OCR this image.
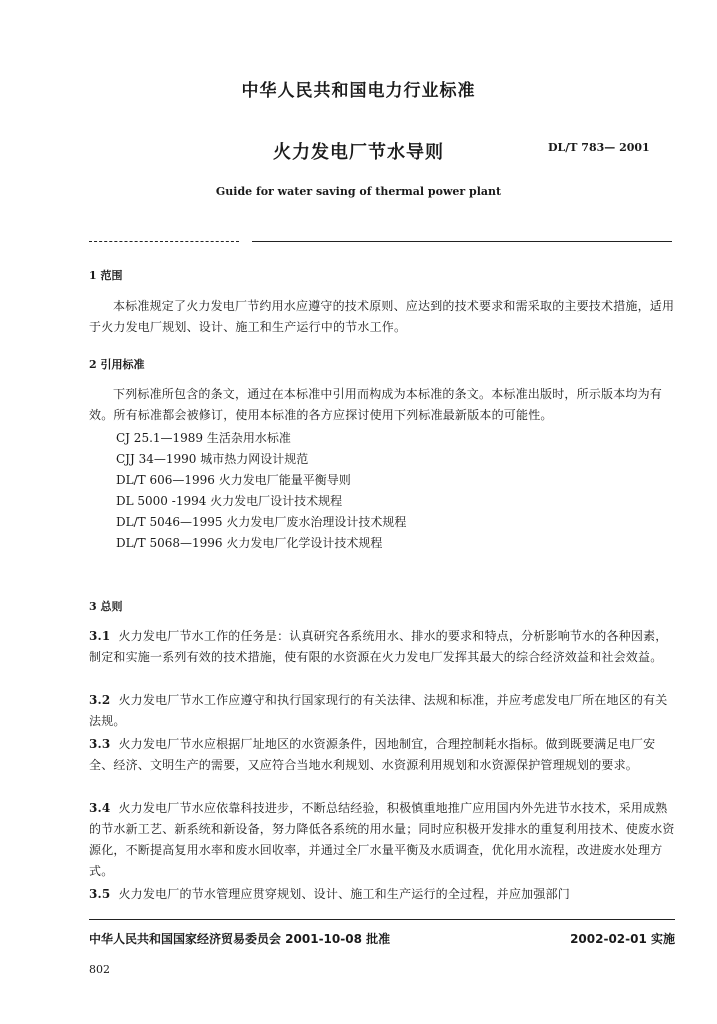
中华人民共和国电力行业标准
火力发电厂节水导则	DL/T 783— 2001
Guide for water saving of thermal power plant
1 范围
本标准规定了火力发电厂节约用水应遵守的技术原则、应达到的技术要求和需采取的主要技术措施，适用于火力发电厂规划、设计、施工和生产运行中的节水工作。
2 引用标准
下列标准所包含的条文，通过在本标准中引用而构成为本标准的条文。本标准出版时，所示版本均为有效。所有标准都会被修订，使用本标准的各方应探讨使用下列标准最新版本的可能性。
CJ 25.1—1989 生活杂用水标准
CJJ 34—1990 城市热力网设计规范
DL/T 606—1996 火力发电厂能量平衡导则
DL 5000 -1994 火力发电厂设计技术规程
DL/T 5046—1995 火力发电厂废水治理设计技术规程
DL/T 5068—1996 火力发电厂化学设计技术规程
3 总则
3.1 火力发电厂节水工作的任务是：认真研究各系统用水、排水的要求和特点，分析影响节水的各种因素，制定和实施一系列有效的技术措施，使有限的水资源在火力发电厂发挥其最大的综合经济效益和社会效益。
3.2 火力发电厂节水工作应遵守和执行国家现行的有关法律、法规和标准，并应考虑发电厂所在地区的有关法规。
3.3 火力发电厂节水应根据厂址地区的水资源条件，因地制宜，合理控制耗水指标。做到既要满足电厂安全、经济、文明生产的需要，又应符合当地水利规划、水资源利用规划和水资源保护管理规划的要求。
3.4 火力发电厂节水应依靠科技进步，不断总结经验，积极慎重地推广应用国内外先进节水技术，采用成熟的节水新工艺、新系统和新设备，努力降低各系统的用水量；同时应积极开发排水的重复利用技术、使废水资源化，不断提高复用水率和废水回收率，并通过全厂水量平衡及水质调查，优化用水流程，改进废水处理方式。
3.5 火力发电厂的节水管理应贯穿规划、设计、施工和生产运行的全过程，并应加强部门
中华人民共和国国家经济贸易委员会 2001-10-08 批准	2002-02-01 实施
802
